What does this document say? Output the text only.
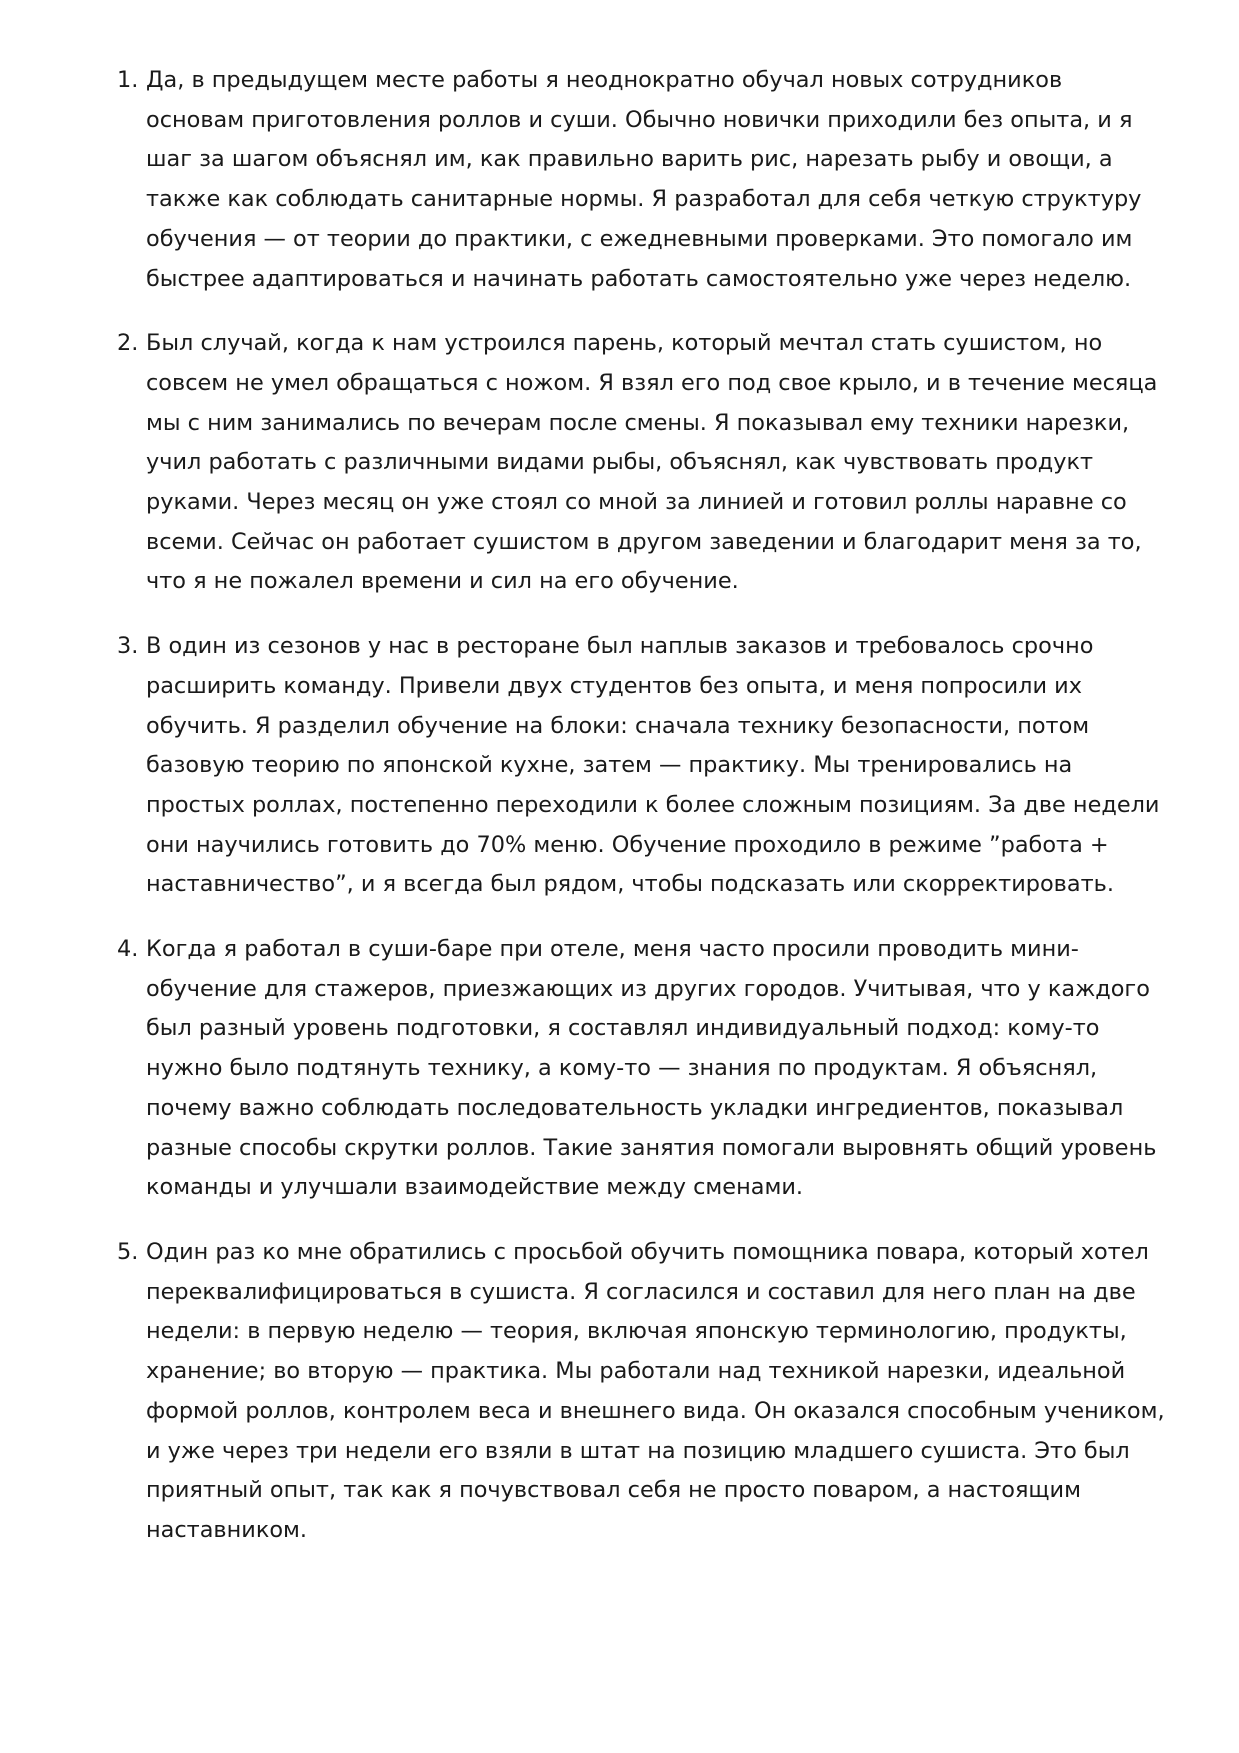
1. Да, в предыдущем месте работы я неоднократно обучал новых сотрудников основам приготовления роллов и суши. Обычно новички приходили без опыта, и я шаг за шагом объяснял им, как правильно варить рис, нарезать рыбу и овощи, а также как соблюдать санитарные нормы. Я разработал для себя четкую структуру обучения — от теории до практики, с ежедневными проверками. Это помогало им быстрее адаптироваться и начинать работать самостоятельно уже через неделю.
2. Был случай, когда к нам устроился парень, который мечтал стать сушистом, но совсем не умел обращаться с ножом. Я взял его под свое крыло, и в течение месяца мы с ним занимались по вечерам после смены. Я показывал ему техники нарезки, учил работать с различными видами рыбы, объяснял, как чувствовать продукт руками. Через месяц он уже стоял со мной за линией и готовил роллы наравне со всеми. Сейчас он работает сушистом в другом заведении и благодарит меня за то, что я не пожалел времени и сил на его обучение.
3. В один из сезонов у нас в ресторане был наплыв заказов и требовалось срочно расширить команду. Привели двух студентов без опыта, и меня попросили их обучить. Я разделил обучение на блоки: сначала технику безопасности, потом базовую теорию по японской кухне, затем — практику. Мы тренировались на простых роллах, постепенно переходили к более сложным позициям. За две недели они научились готовить до 70% меню. Обучение проходило в режиме ”работа + наставничество”, и я всегда был рядом, чтобы подсказать или скорректировать.
4. Когда я работал в суши-баре при отеле, меня часто просили проводить мини-обучение для стажеров, приезжающих из других городов. Учитывая, что у каждого был разный уровень подготовки, я составлял индивидуальный подход: кому-то нужно было подтянуть технику, а кому-то — знания по продуктам. Я объяснял, почему важно соблюдать последовательность укладки ингредиентов, показывал разные способы скрутки роллов. Такие занятия помогали выровнять общий уровень команды и улучшали взаимодействие между сменами.
5. Один раз ко мне обратились с просьбой обучить помощника повара, который хотел переквалифицироваться в сушиста. Я согласился и составил для него план на две недели: в первую неделю — теория, включая японскую терминологию, продукты, хранение; во вторую — практика. Мы работали над техникой нарезки, идеальной формой роллов, контролем веса и внешнего вида. Он оказался способным учеником, и уже через три недели его взяли в штат на позицию младшего сушиста. Это был приятный опыт, так как я почувствовал себя не просто поваром, а настоящим наставником.
